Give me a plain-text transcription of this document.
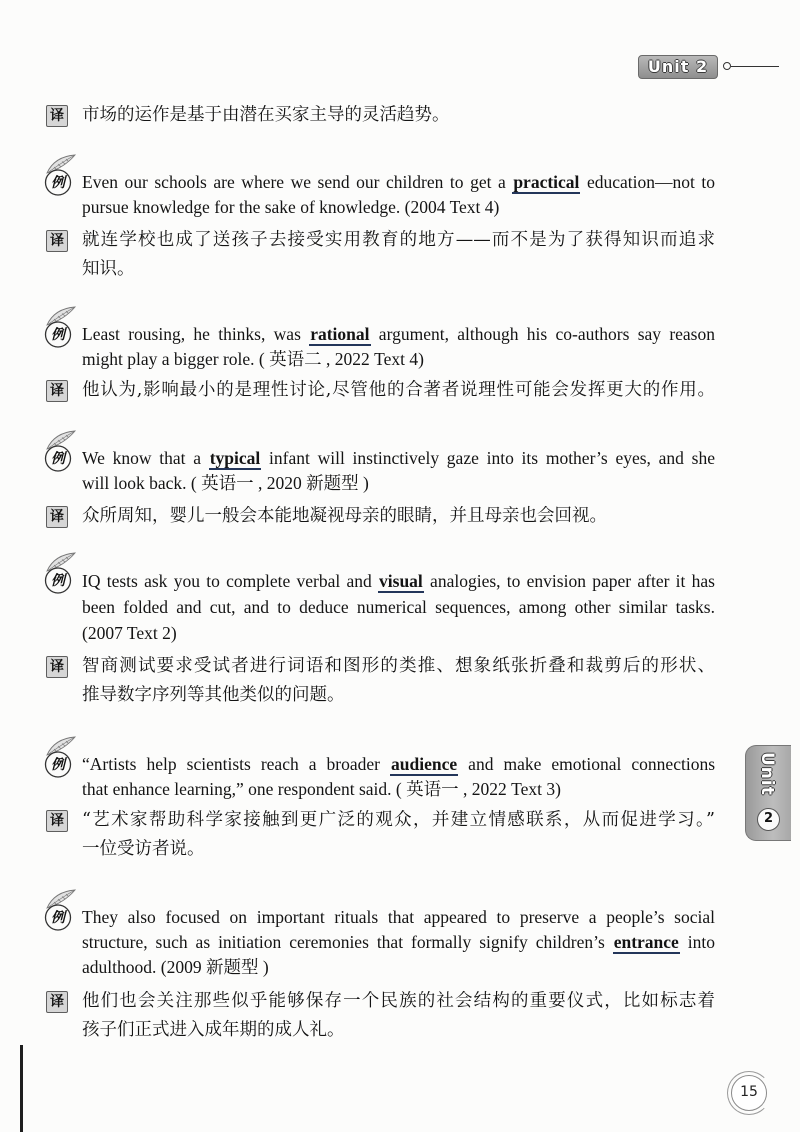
Unit 2
译 市场的运作是基于由潜在买家主导的灵活趋势。
例 Even our schools are where we send our children to get a practical education—not to
pursue knowledge for the sake of knowledge. (2004 Text 4)
译 就连学校也成了送孩子去接受实用教育的地方——而不是为了获得知识而追求
知识。
例 Least rousing, he thinks, was rational argument, although his co-authors say reason
might play a bigger role. ( 英语二 , 2022 Text 4)
译 他认为,影响最小的是理性讨论,尽管他的合著者说理性可能会发挥更大的作用。
例 We know that a typical infant will instinctively gaze into its mother’s eyes, and she
will look back. ( 英语一 , 2020 新题型 )
译 众所周知，婴儿一般会本能地凝视母亲的眼睛，并且母亲也会回视。
例 IQ tests ask you to complete verbal and visual analogies, to envision paper after it has
been folded and cut, and to deduce numerical sequences, among other similar tasks.
(2007 Text 2)
译 智商测试要求受试者进行词语和图形的类推、想象纸张折叠和裁剪后的形状、
推导数字序列等其他类似的问题。
例 “Artists help scientists reach a broader audience and make emotional connections
that enhance learning,” one respondent said. ( 英语一 , 2022 Text 3)
译 “艺术家帮助科学家接触到更广泛的观众，并建立情感联系，从而促进学习。”
一位受访者说。
例 They also focused on important rituals that appeared to preserve a people’s social
structure, such as initiation ceremonies that formally signify children’s entrance into
adulthood. (2009 新题型 )
译 他们也会关注那些似乎能够保存一个民族的社会结构的重要仪式，比如标志着
孩子们正式进入成年期的成人礼。
Unit
2
15
